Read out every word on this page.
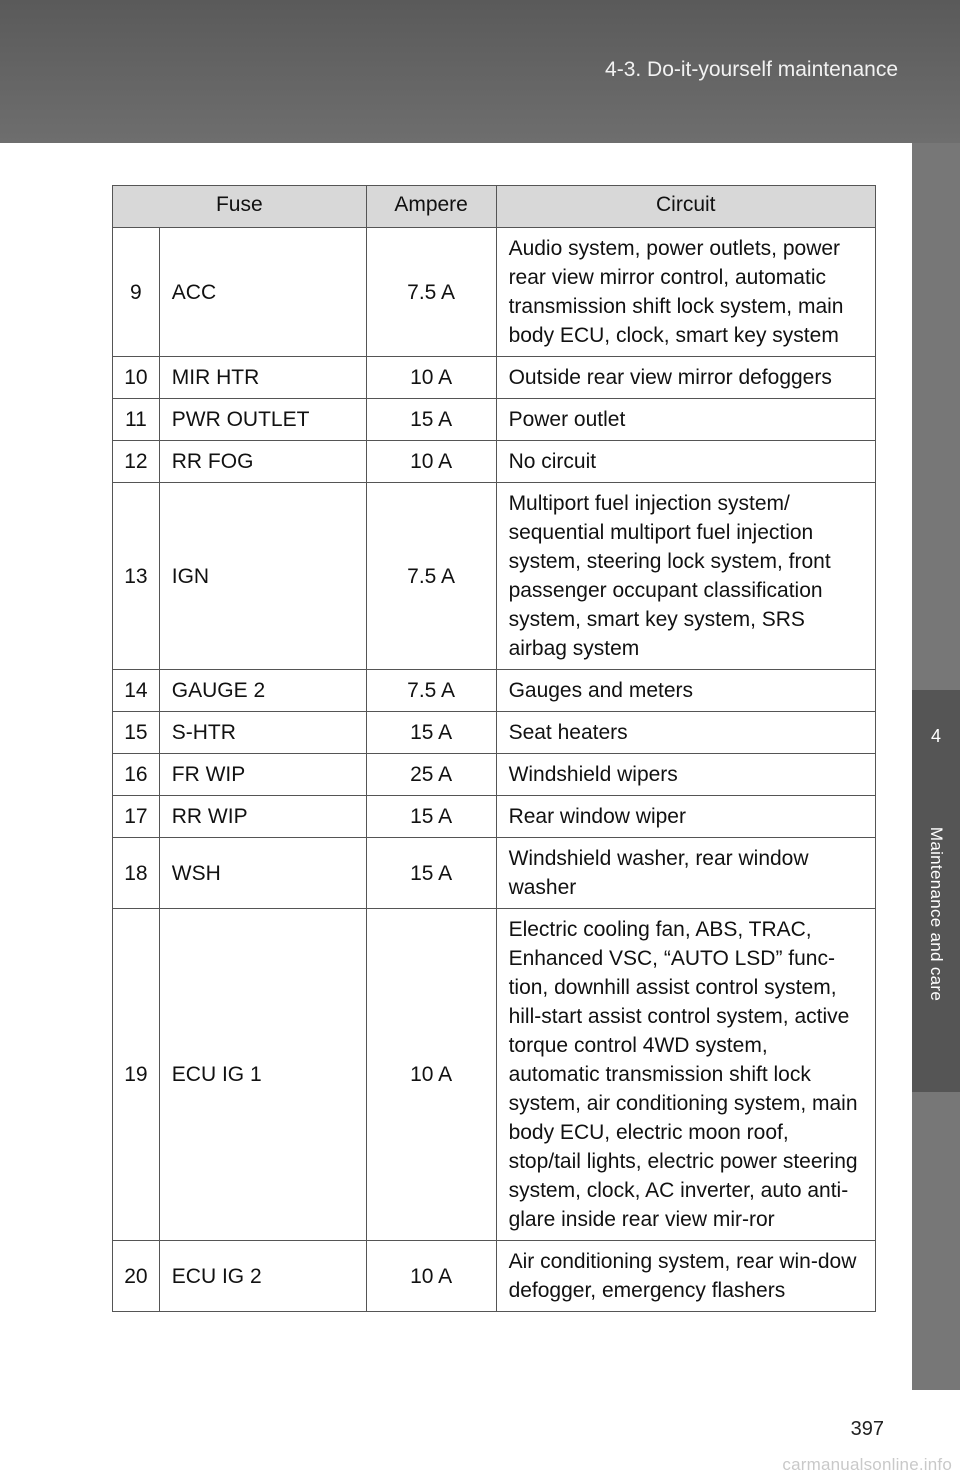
4-3. Do-it-yourself maintenance
4
Maintenance and care
Fuse		Ampere	Circuit
9	ACC	7.5 A	Audio system, power outlets, power rear view mirror control, automatic transmission shift lock system, main body ECU, clock, smart key system
10	MIR HTR	10 A	Outside rear view mirror defoggers
11	PWR OUTLET	15 A	Power outlet
12	RR FOG	10 A	No circuit
13	IGN	7.5 A	Multiport fuel injection system/ sequential multiport fuel injection system, steering lock system, front passenger occupant classification system, smart key system, SRS airbag system
14	GAUGE 2	7.5 A	Gauges and meters
15	S-HTR	15 A	Seat heaters
16	FR WIP	25 A	Windshield wipers
17	RR WIP	15 A	Rear window wiper
18	WSH	15 A	Windshield washer, rear window washer
19	ECU IG 1	10 A	Electric cooling fan, ABS, TRAC, Enhanced VSC, “AUTO LSD” func-tion, downhill assist control system, hill-start assist control system, active torque control 4WD system, automatic transmission shift lock system, air conditioning system, main body ECU, electric moon roof, stop/tail lights, electric power steering system, clock, AC inverter, auto anti-glare inside rear view mir-ror
20	ECU IG 2	10 A	Air conditioning system, rear win-dow defogger, emergency flashers
397
carmanualsonline.info
